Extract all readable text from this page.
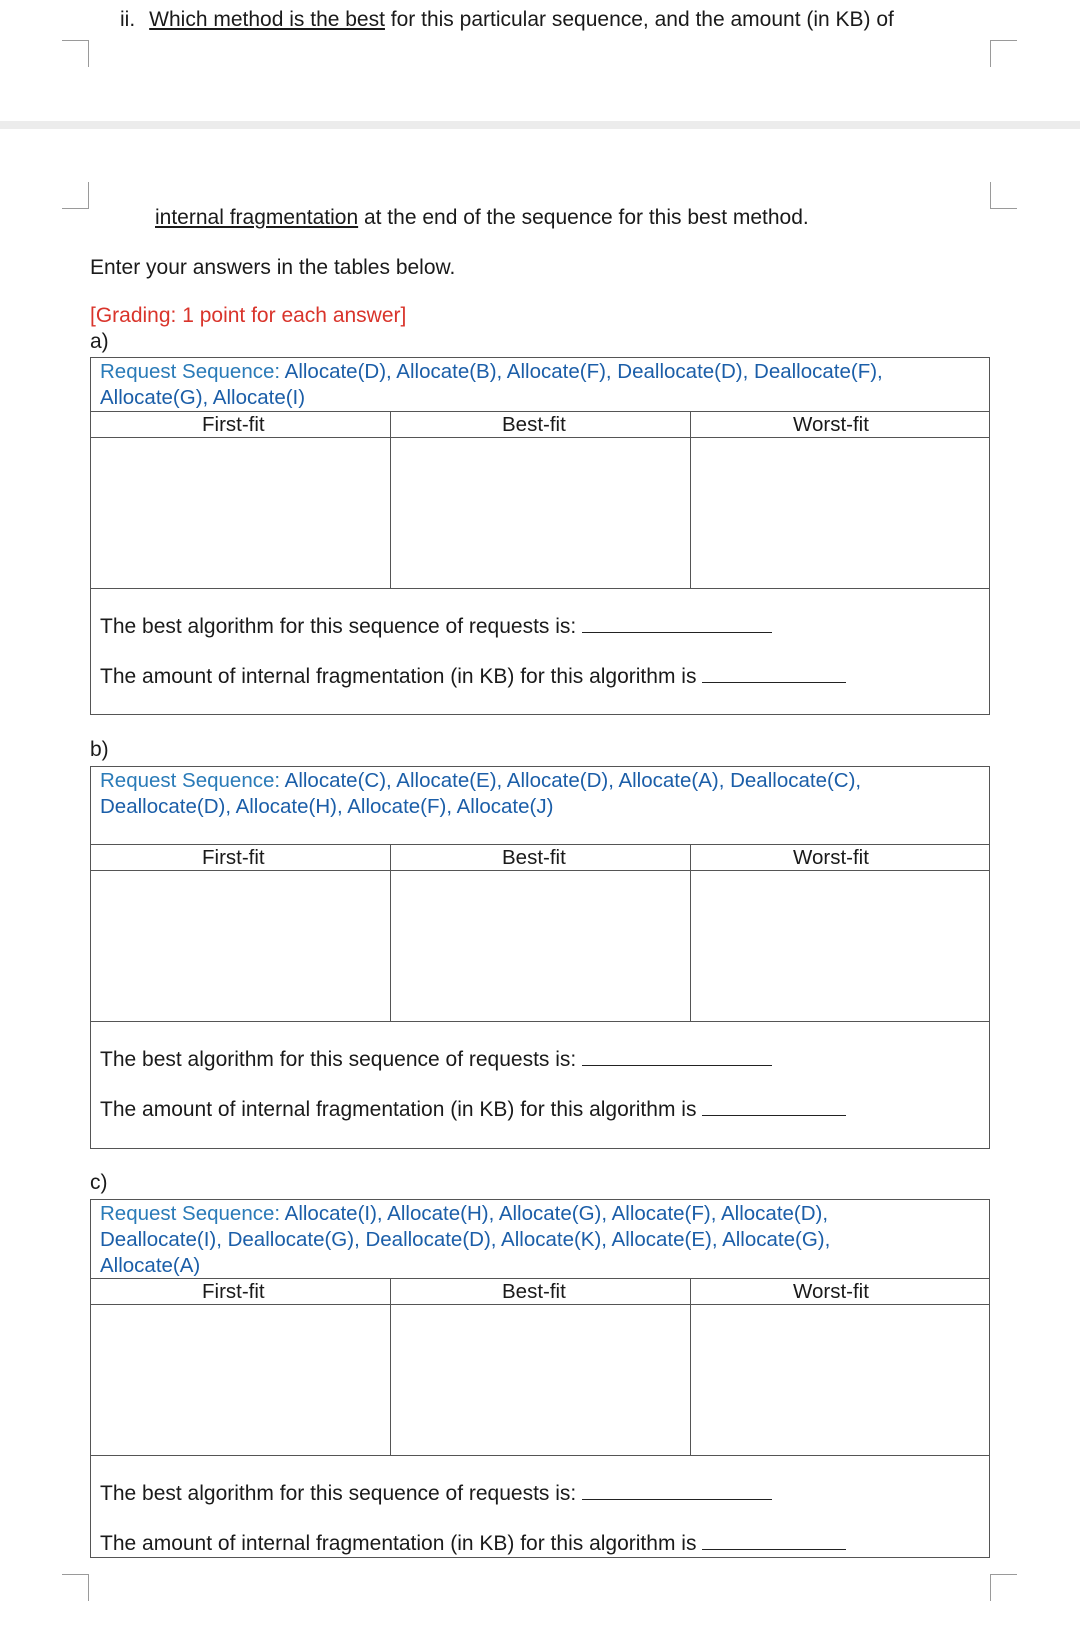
ii. Which method is the best for this particular sequence, and the amount (in KB) of
internal fragmentation at the end of the sequence for this best method.
Enter your answers in the tables below.
[Grading: 1 point for each answer]
a)
Request Sequence: Allocate(D), Allocate(B), Allocate(F), Deallocate(D), Deallocate(F),
Allocate(G), Allocate(I)
First-fit	Best-fit	Worst-fit
The best algorithm for this sequence of requests is:
The amount of internal fragmentation (in KB) for this algorithm is
b)
Request Sequence: Allocate(C), Allocate(E), Allocate(D), Allocate(A), Deallocate(C),
Deallocate(D), Allocate(H), Allocate(F), Allocate(J)
First-fit	Best-fit	Worst-fit
The best algorithm for this sequence of requests is:
The amount of internal fragmentation (in KB) for this algorithm is
c)
Request Sequence: Allocate(I), Allocate(H), Allocate(G), Allocate(F), Allocate(D),
Deallocate(I), Deallocate(G), Deallocate(D), Allocate(K), Allocate(E), Allocate(G),
Allocate(A)
First-fit	Best-fit	Worst-fit
The best algorithm for this sequence of requests is:
The amount of internal fragmentation (in KB) for this algorithm is
